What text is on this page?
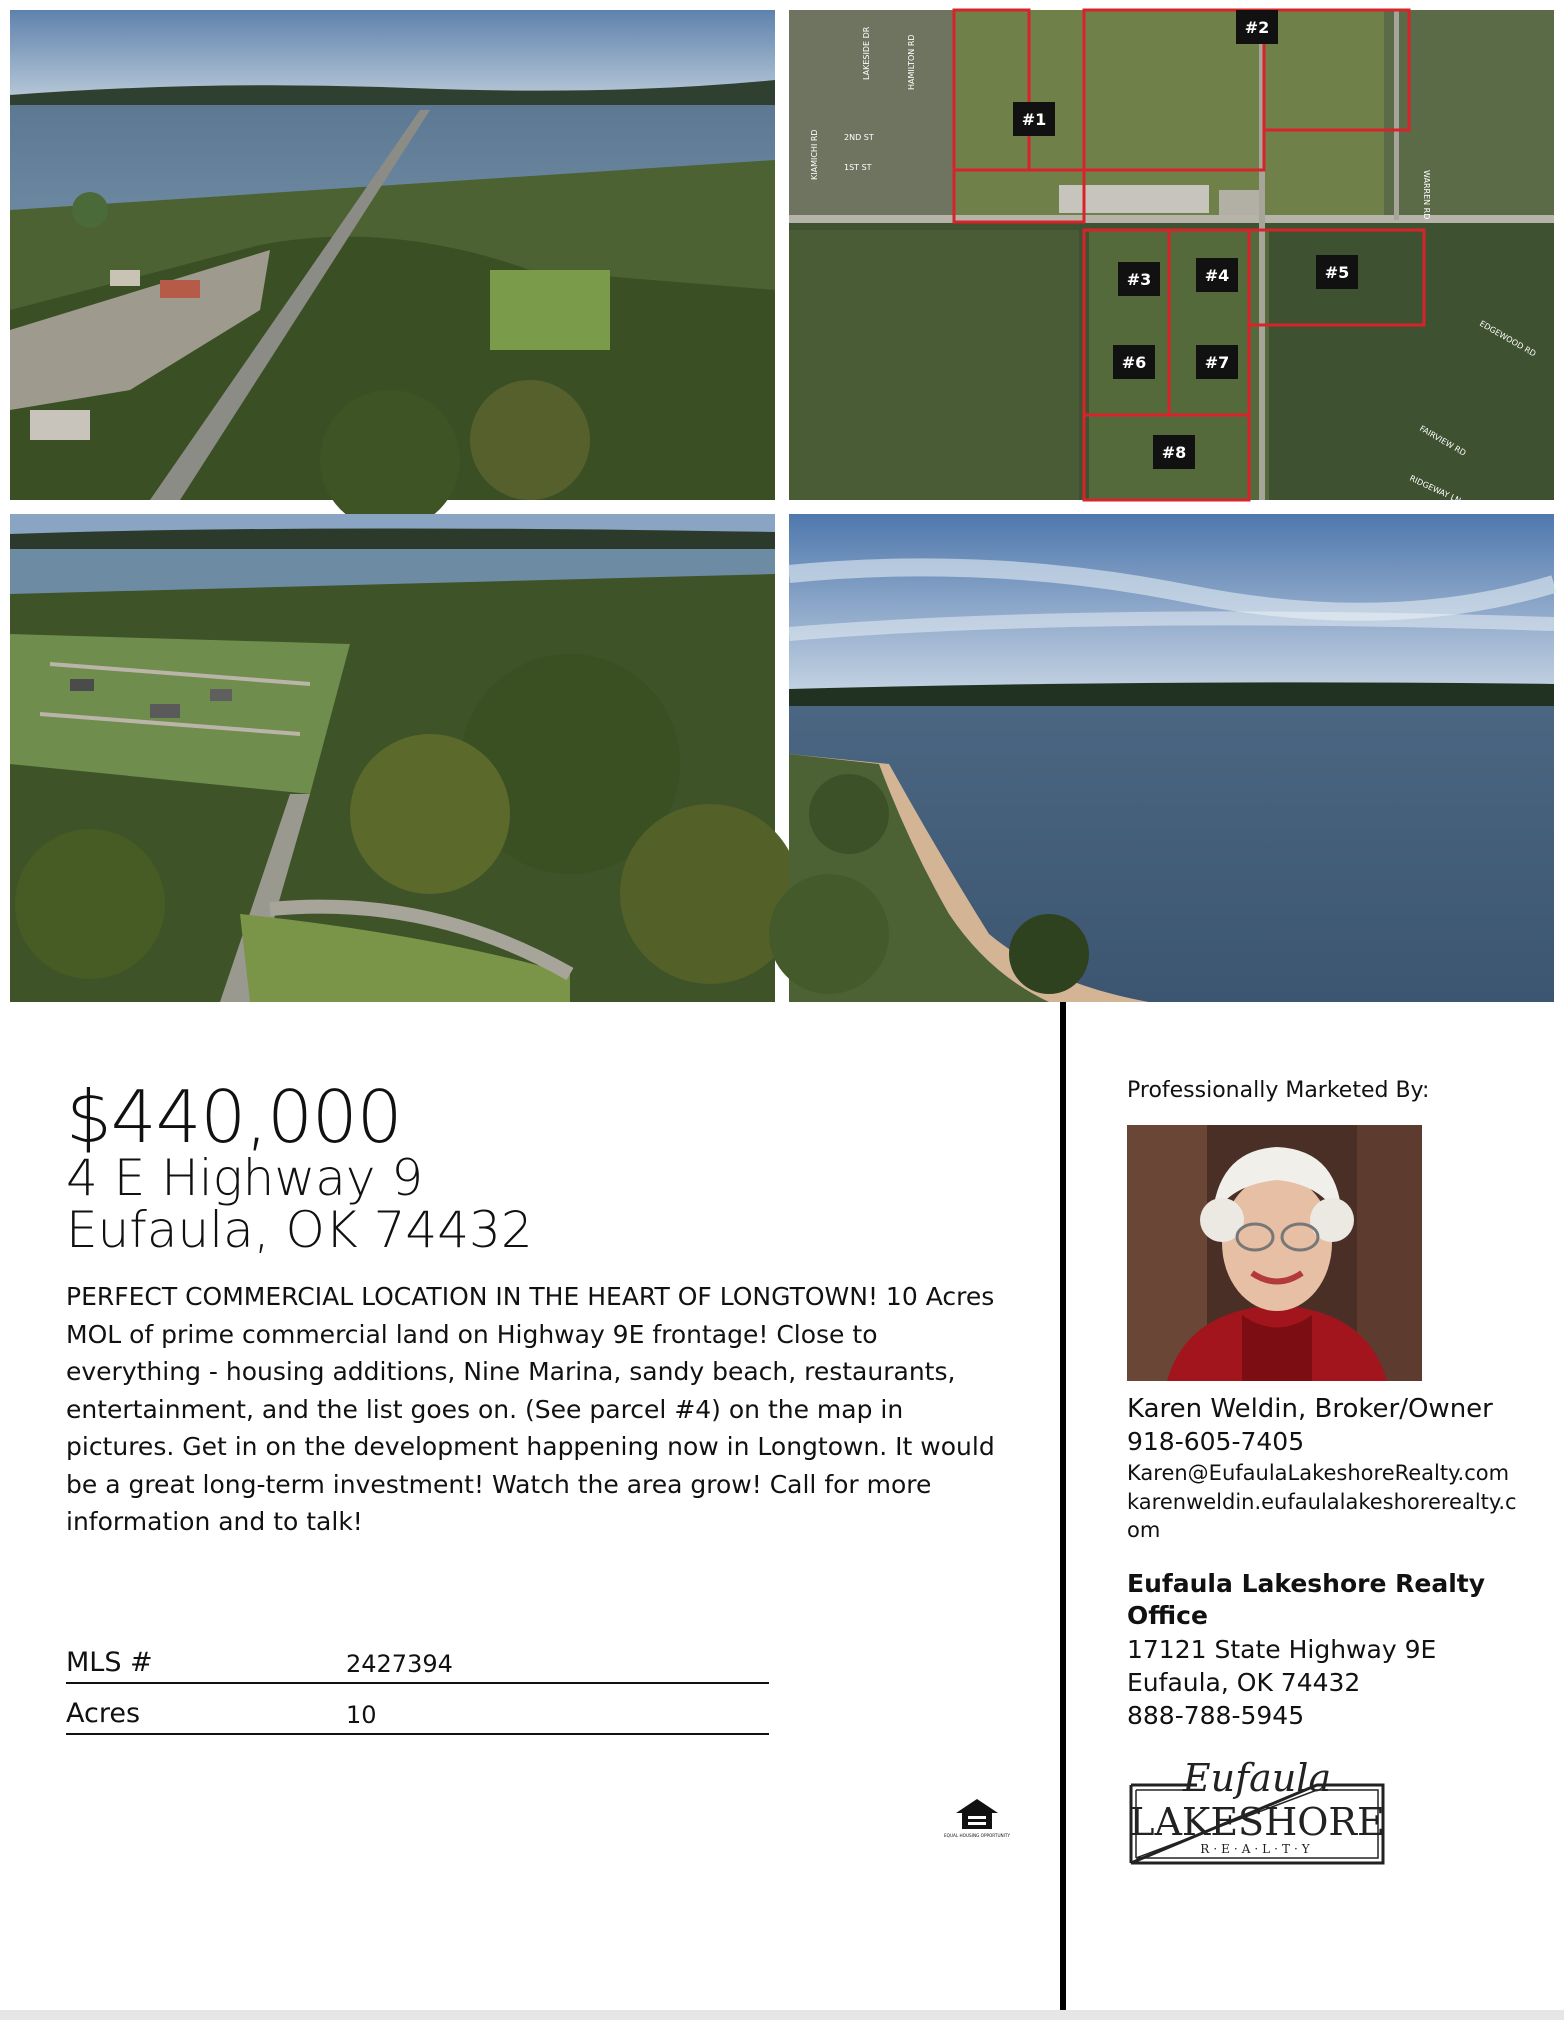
#1
#2
#3	#4	#5
#6	#7
#8
KIAMICHI RD
LAKESIDE DR	HAMILTON RD
2ND ST
1ST ST
WARREN RD
EDGEWOOD RD
FAIRVIEW RD
RIDGEWAY LN
$440,000
4 E Highway 9
Eufaula, OK 74432
PERFECT COMMERCIAL LOCATION IN THE HEART OF LONGTOWN! 10 Acres MOL of prime commercial land on Highway 9E frontage! Close to everything - housing additions, Nine Marina, sandy beach, restaurants, entertainment, and the list goes on. (See parcel #4) on the map in pictures. Get in on the development happening now in Longtown. It would be a great long-term investment! Watch the area grow! Call for more information and to talk!
MLS #	2427394
Acres	10
EQUAL HOUSING OPPORTUNITY
Professionally Marketed By:
Karen Weldin, Broker/Owner
918-605-7405
Karen@EufaulaLakeshoreRealty.com
karenweldin.eufaulalakeshorerealty.com
Eufaula Lakeshore Realty Office
17121 State Highway 9E
Eufaula, OK 74432
888-788-5945
Eufaula
LAKESHORE
R·E·A·L·T·Y
